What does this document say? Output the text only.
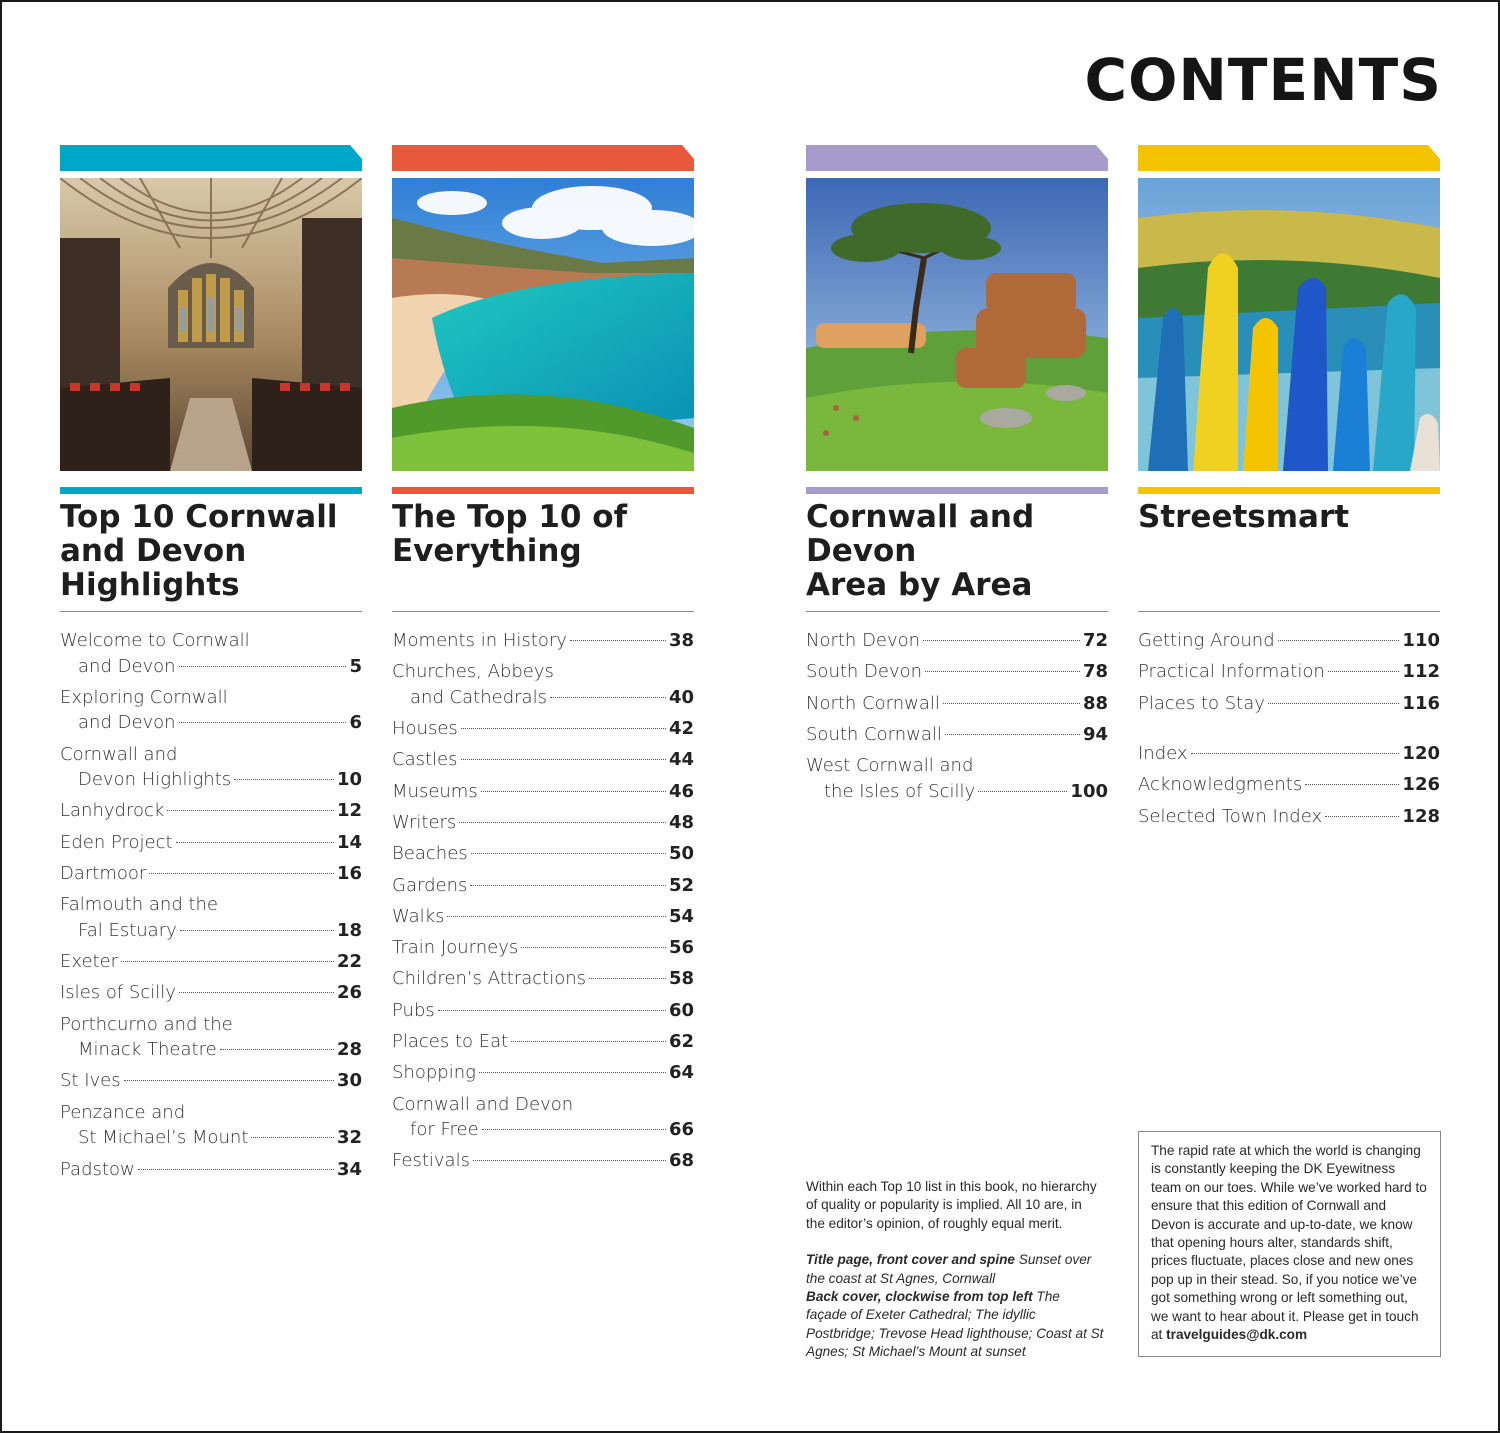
CONTENTS
Top 10 Cornwall
and Devon
Highlights
Welcome to Cornwall
and Devon	5
Exploring Cornwall
and Devon	6
Cornwall and
Devon Highlights	10
Lanhydrock	12
Eden Project	14
Dartmoor	16
Falmouth and the
Fal Estuary	18
Exeter	22
Isles of Scilly	26
Porthcurno and the
Minack Theatre	28
St Ives	30
Penzance and
St Michael’s Mount	32
Padstow	34
The Top 10 of
Everything
Moments in History	38
Churches, Abbeys
and Cathedrals	40
Houses	42
Castles	44
Museums	46
Writers	48
Beaches	50
Gardens	52
Walks	54
Train Journeys	56
Children’s Attractions	58
Pubs	60
Places to Eat	62
Shopping	64
Cornwall and Devon
for Free	66
Festivals	68
Cornwall and Devon
Area by Area
North Devon	72
South Devon	78
North Cornwall	88
South Cornwall	94
West Cornwall and
the Isles of Scilly	100
Streetsmart
Getting Around	110
Practical Information	112
Places to Stay	116
Index	120
Acknowledgments	126
Selected Town Index	128

Within each Top 10 list in this book, no hierarchy of quality or popularity is implied. All 10 are, in the editor’s opinion, of roughly equal merit.

Title page, front cover and spine Sunset over the coast at St Agnes, Cornwall
Back cover, clockwise from top left The façade of Exeter Cathedral; The idyllic Postbridge; Trevose Head lighthouse; Coast at St Agnes; St Michael’s Mount at sunset
The rapid rate at which the world is changing is constantly keeping the DK Eyewitness team on our toes. While we’ve worked hard to ensure that this edition of Cornwall and Devon is accurate and up-to-date, we know that opening hours alter, standards shift, prices fluctuate, places close and new ones pop up in their stead. So, if you notice we’ve got something wrong or left something out, we want to hear about it. Please get in touch at travelguides@dk.com
